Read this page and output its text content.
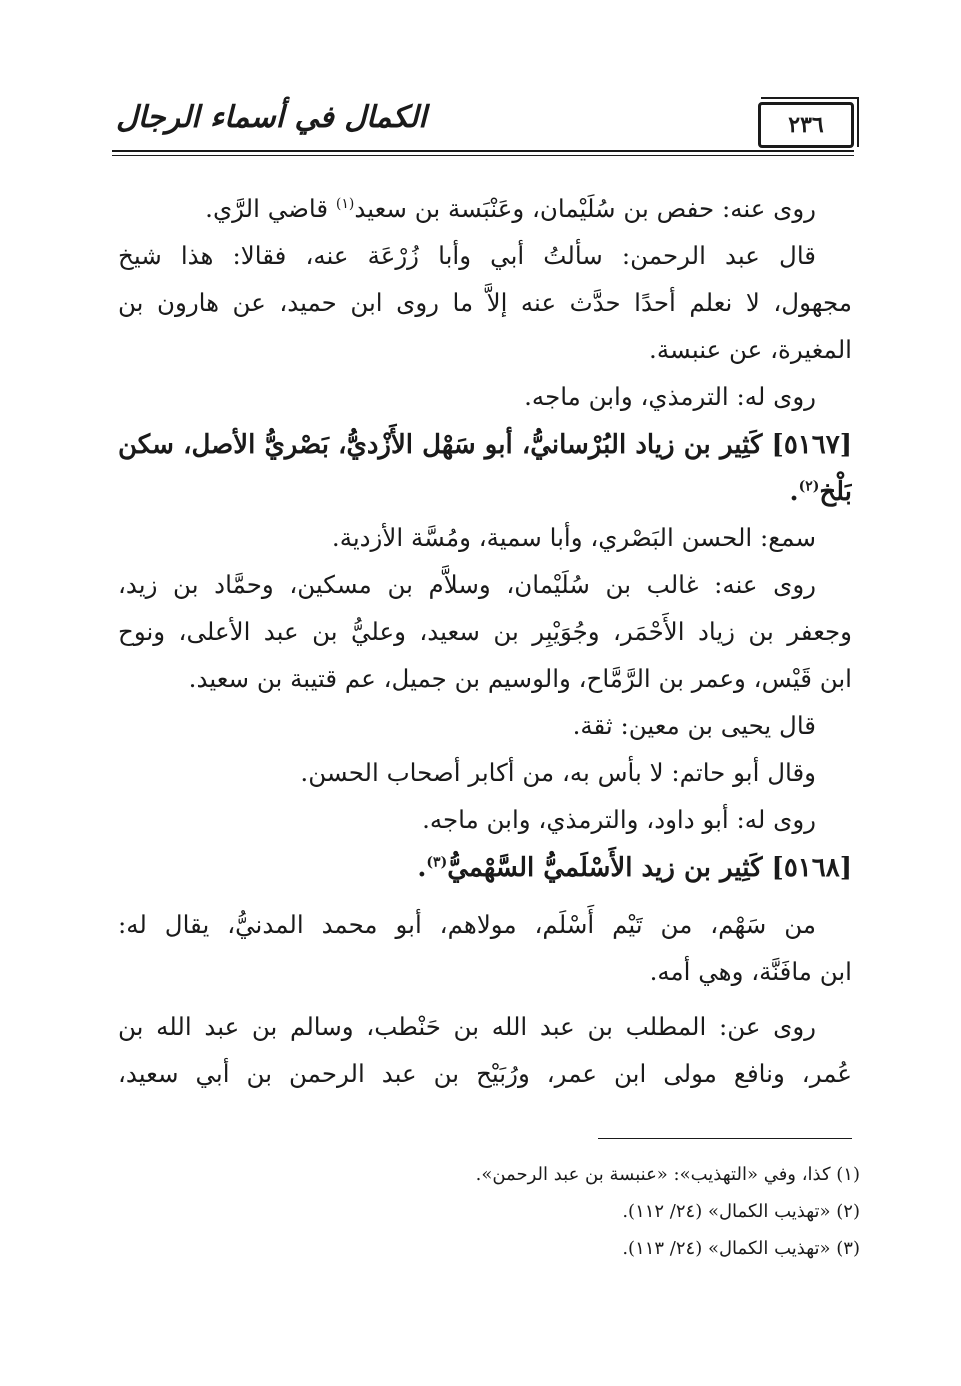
الكمال في أسماء الرجال	٢٣٦
روى عنه: حفص بن سُلَيْمان، وعَنْبَسة بن سعيد$^{(١)}$ قاضي الرَّي.
قال عبد الرحمن: سألتُ أبي وأبا زُرْعَة عنه، فقالا: هذا شيخ
مجهول، لا نعلم أحدًا حدَّث عنه إلاَّ ما روى ابن حميد، عن هارون بن
المغيرة، عن عنبسة.
روى له: الترمذي، وابن ماجه.
[٥١٦٧] كَثِير بن زياد البُرْسانيُّ، أبو سَهْل الأَزْديُّ، بَصْريُّ الأصل، سكن
بَلْخ$^{(٢)}$.
سمع: الحسن البَصْري، وأبا سمية، ومُسَّة الأزدية.
روى عنه: غالب بن سُلَيْمان، وسلاَّم بن مسكين، وحمَّاد بن زيد،
وجعفر بن زياد الأَحْمَر، وجُوَيْبِر بن سعيد، وعليُّ بن عبد الأعلى، ونوح
ابن قَيْس، وعمر بن الرَّمَّاح، والوسيم بن جميل، عم قتيبة بن سعيد.
قال يحيى بن معين: ثقة.
وقال أبو حاتم: لا بأس به، من أكابر أصحاب الحسن.
روى له: أبو داود، والترمذي، وابن ماجه.
[٥١٦٨] كَثِير بن زيد الأَسْلَميُّ السَّهْميُّ$^{(٣)}$.
من سَهْم، من تَيْم أَسْلَم، مولاهم، أبو محمد المدنيُّ، يقال له:
ابن مافَنَّة، وهي أمه.
روى عن: المطلب بن عبد الله بن حَنْطب، وسالم بن عبد الله بن
عُمر، ونافع مولى ابن عمر، ورُبَيْح بن عبد الرحمن بن أبي سعيد،
(١) كذا، وفي «التهذيب»: «عنبسة بن عبد الرحمن».
(٢) «تهذيب الكمال» (٢٤/ ١١٢).
(٣) «تهذيب الكمال» (٢٤/ ١١٣).
